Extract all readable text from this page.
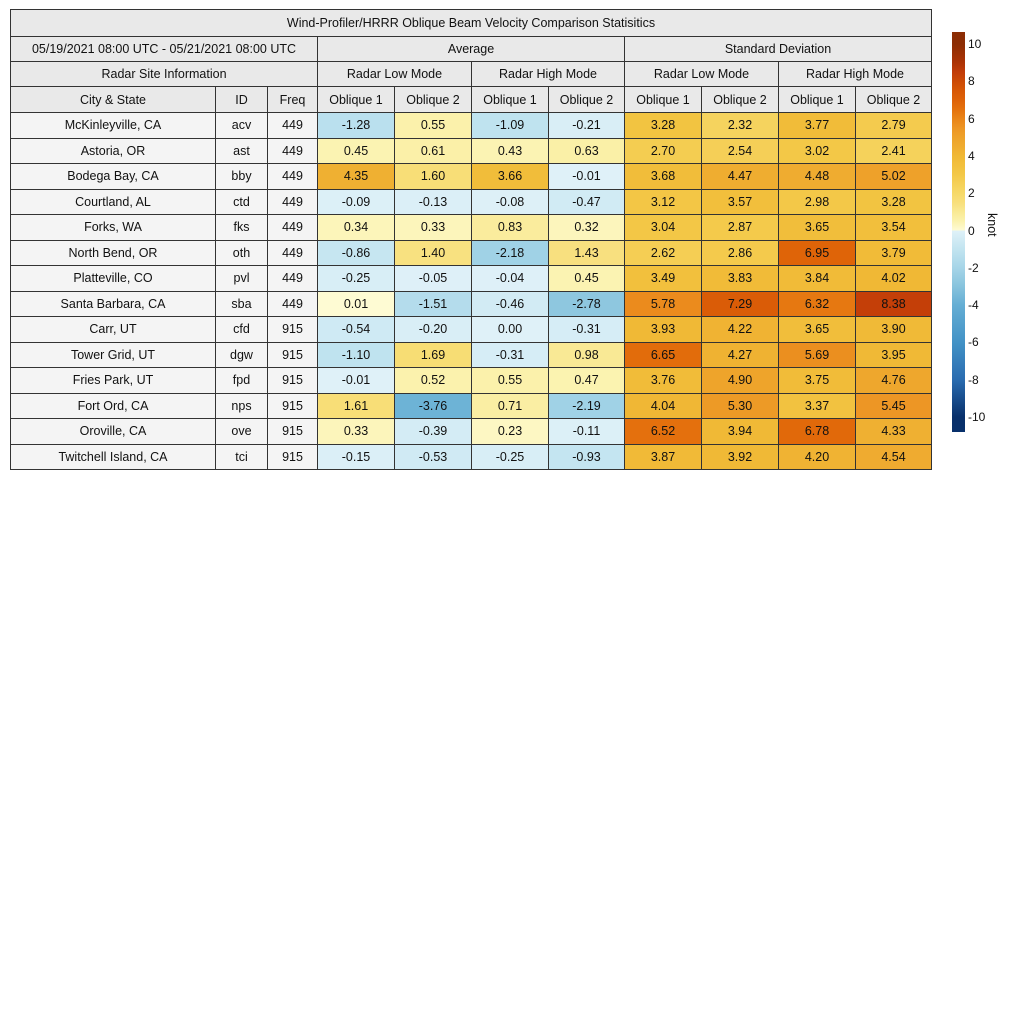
Wind-Profiler/HRRR Oblique Beam Velocity Comparison Statisitics										
05/19/2021 08:00 UTC - 05/21/2021 08:00 UTC			Average				Standard Deviation			
Radar Site Information			Radar Low Mode		Radar High Mode		Radar Low Mode		Radar High Mode	
City & State	ID	Freq	Oblique 1	Oblique 2	Oblique 1	Oblique 2	Oblique 1	Oblique 2	Oblique 1	Oblique 2
McKinleyville, CA	acv	449	-1.28	0.55	-1.09	-0.21	3.28	2.32	3.77	2.79
Astoria, OR	ast	449	0.45	0.61	0.43	0.63	2.70	2.54	3.02	2.41
Bodega Bay, CA	bby	449	4.35	1.60	3.66	-0.01	3.68	4.47	4.48	5.02
Courtland, AL	ctd	449	-0.09	-0.13	-0.08	-0.47	3.12	3.57	2.98	3.28
Forks, WA	fks	449	0.34	0.33	0.83	0.32	3.04	2.87	3.65	3.54
North Bend, OR	oth	449	-0.86	1.40	-2.18	1.43	2.62	2.86	6.95	3.79
Platteville, CO	pvl	449	-0.25	-0.05	-0.04	0.45	3.49	3.83	3.84	4.02
Santa Barbara, CA	sba	449	0.01	-1.51	-0.46	-2.78	5.78	7.29	6.32	8.38
Carr, UT	cfd	915	-0.54	-0.20	0.00	-0.31	3.93	4.22	3.65	3.90
Tower Grid, UT	dgw	915	-1.10	1.69	-0.31	0.98	6.65	4.27	5.69	3.95
Fries Park, UT	fpd	915	-0.01	0.52	0.55	0.47	3.76	4.90	3.75	4.76
Fort Ord, CA	nps	915	1.61	-3.76	0.71	-2.19	4.04	5.30	3.37	5.45
Oroville, CA	ove	915	0.33	-0.39	0.23	-0.11	6.52	3.94	6.78	4.33
Twitchell Island, CA	tci	915	-0.15	-0.53	-0.25	-0.93	3.87	3.92	4.20	4.54
10
8
6
4
2
0
-2
-4
-6
-8
-10
knot
